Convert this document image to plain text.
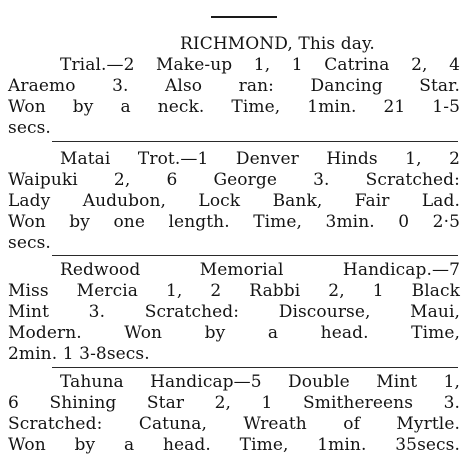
RICHMOND, This day.
Trial.—2 Make-up 1, 1 Catrina 2, 4
Araemo 3. Also ran: Dancing Star.
Won by a neck. Time, 1min. 21 1-5
secs.
Matai Trot.—1 Denver Hinds 1, 2
Waipuki 2, 6 George 3. Scratched:
Lady Audubon, Lock Bank, Fair Lad.
Won by one length. Time, 3min. 0 2·5
secs.
Redwood Memorial Handicap.—7
Miss Mercia 1, 2 Rabbi 2, 1 Black
Mint 3. Scratched: Discourse, Maui,
Modern. Won by a head. Time,
2min. 1 3-8secs.
Tahuna Handicap—5 Double Mint 1,
6 Shining Star 2, 1 Smithereens 3.
Scratched: Catuna, Wreath of Myrtle.
Won by a head. Time, 1min. 35secs.
